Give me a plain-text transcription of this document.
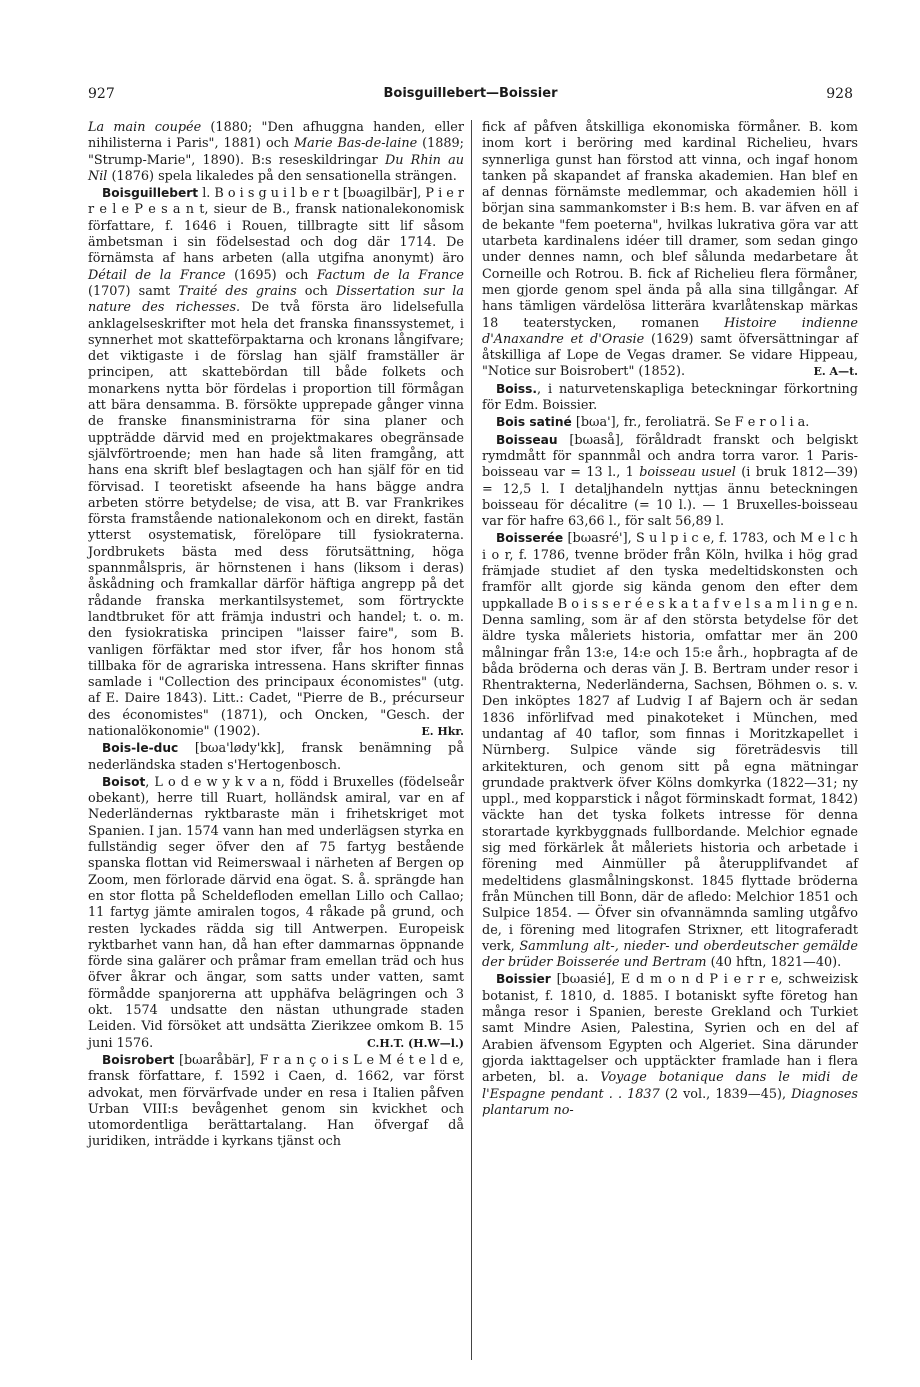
927	Boisguillebert—Boissier	928

La main coupée (1880; "Den afhuggna handen, eller nihilisterna i Paris", 1881) och Marie Bas-de-laine (1889; "Strump-Marie", 1890). B:s reseskildringar Du Rhin au Nil (1876) spela likaledes på den sensationella strängen.

Boisguillebert l. B o i s g u i l b e r t [bωagilbär], P i e r r e l e P e s a n t, sieur de B., fransk nationalekonomisk författare, f. 1646 i Rouen, tillbragte sitt lif såsom ämbetsman i sin födelsestad och dog där 1714. De förnämsta af hans arbeten (alla utgifna anonymt) äro Détail de la France (1695) och Factum de la France (1707) samt Traité des grains och Dissertation sur la nature des richesses. De två första äro lidelsefulla anklagelseskrifter mot hela det franska finanssystemet, i synnerhet mot skatteförpaktarna och kronans långifvare; det viktigaste i de förslag han själf framställer är principen, att skattebördan till både folkets och monarkens nytta bör fördelas i proportion till förmågan att bära densamma. B. försökte upprepade gånger vinna de franske finansministrarna för sina planer och uppträdde därvid med en projektmakares obegränsade självförtroende; men han hade så liten framgång, att hans ena skrift blef beslagtagen och han själf för en tid förvisad. I teoretiskt afseende ha hans bägge andra arbeten större betydelse; de visa, att B. var Frankrikes första framstående nationalekonom och en direkt, fastän ytterst osystematisk, förelöpare till fysiokraterna. Jordbrukets bästa med dess förutsättning, höga spannmålspris, är hörnstenen i hans (liksom i deras) åskådning och framkallar därför häftiga angrepp på det rådande franska merkantilsystemet, som förtryckte landtbruket för att främja industri och handel; t. o. m. den fysiokratiska principen "laisser faire", som B. vanligen förfäktar med stor ifver, får hos honom stå tillbaka för de agrariska intressena. Hans skrifter finnas samlade i "Collection des principaux économistes" (utg. af E. Daire 1843). Litt.: Cadet, "Pierre de B., précurseur des économistes" (1871), och Oncken, "Gesch. der nationalökonomie" (1902).	E. Hkr.

Bois-le-duc [bωa'lødy'kk], fransk benämning på nederländska staden s'Hertogenbosch.

Boisot, L o d e w y k v a n, född i Bruxelles (födelseår obekant), herre till Ruart, holländsk amiral, var en af Nederländernas ryktbaraste män i frihetskriget mot Spanien. I jan. 1574 vann han med underlägsen styrka en fullständig seger öfver den af 75 fartyg bestående spanska flottan vid Reimerswaal i närheten af Bergen op Zoom, men förlorade därvid ena ögat. S. å. sprängde han en stor flotta på Scheldefloden emellan Lillo och Callao; 11 fartyg jämte amiralen togos, 4 råkade på grund, och resten lyckades rädda sig till Antwerpen. Europeisk ryktbarhet vann han, då han efter dammarnas öppnande förde sina galärer och pråmar fram emellan träd och hus öfver åkrar och ängar, som satts under vatten, samt förmådde spanjorerna att upphäfva belägringen och 3 okt. 1574 undsatte den nästan uthungrade staden Leiden. Vid försöket att undsätta Zierikzee omkom B. 15 juni 1576.	C.H.T. (H.W—l.)

Boisrobert [bωaråbär], F r a n ç o i s L e M é t e l d e, fransk författare, f. 1592 i Caen, d. 1662, var först advokat, men förvärfvade under en resa i Italien påfven Urban VIII:s bevågenhet genom sin kvickhet och utomordentliga berättartalang. Han öfvergaf då juridiken, inträdde i kyrkans tjänst och

fick af påfven åtskilliga ekonomiska förmåner. B. kom inom kort i beröring med kardinal Richelieu, hvars synnerliga gunst han förstod att vinna, och ingaf honom tanken på skapandet af franska akademien. Han blef en af dennas förnämste medlemmar, och akademien höll i början sina sammankomster i B:s hem. B. var äfven en af de bekante "fem poeterna", hvilkas lukrativa göra var att utarbeta kardinalens idéer till dramer, som sedan gingo under dennes namn, och blef sålunda medarbetare åt Corneille och Rotrou. B. fick af Richelieu flera förmåner, men gjorde genom spel ända på alla sina tillgångar. Af hans tämligen värdelösa litterära kvarlåtenskap märkas 18 teaterstycken, romanen Histoire indienne d'Anaxandre et d'Orasie (1629) samt öfversättningar af åtskilliga af Lope de Vegas dramer. Se vidare Hippeau, "Notice sur Boisrobert" (1852).	E. A—t.

Boiss., i naturvetenskapliga beteckningar förkortning för Edm. Boissier.

Bois satiné [bωa'], fr., feroliaträ. Se F e r o l i a.

Boisseau [bωaså], föråldradt franskt och belgiskt rymdmått för spannmål och andra torra varor. 1 Paris-boisseau var = 13 l., 1 boisseau usuel (i bruk 1812—39) = 12,5 l. I detaljhandeln nyttjas ännu beteckningen boisseau för décalitre (= 10 l.). — 1 Bruxelles-boisseau var för hafre 63,66 l., för salt 56,89 l.

Boisserée [bωasré'], S u l p i c e, f. 1783, och M e l c h i o r, f. 1786, tvenne bröder från Köln, hvilka i hög grad främjade studiet af den tyska medeltidskonsten och framför allt gjorde sig kända genom den efter dem uppkallade B o i s s e r é e s k a t a f v e l s a m l i n g e n. Denna samling, som är af den största betydelse för det äldre tyska måleriets historia, omfattar mer än 200 målningar från 13:e, 14:e och 15:e årh., hopbragta af de båda bröderna och deras vän J. B. Bertram under resor i Rhentrakterna, Nederländerna, Sachsen, Böhmen o. s. v. Den inköptes 1827 af Ludvig I af Bajern och är sedan 1836 införlifvad med pinakoteket i München, med undantag af 40 taflor, som finnas i Moritzkapellet i Nürnberg. Sulpice vände sig företrädesvis till arkitekturen, och genom sitt på egna mätningar grundade praktverk öfver Kölns domkyrka (1822—31; ny uppl., med kopparstick i något förminskadt format, 1842) väckte han det tyska folkets intresse för denna storartade kyrkbyggnads fullbordande. Melchior egnade sig med förkärlek åt måleriets historia och arbetade i förening med Ainmüller på återupplifvandet af medeltidens glasmålningskonst. 1845 flyttade bröderna från München till Bonn, där de afledo: Melchior 1851 och Sulpice 1854. — Öfver sin ofvannämnda samling utgåfvo de, i förening med litografen Strixner, ett litograferadt verk, Sammlung alt-, nieder- und oberdeutscher gemälde der brüder Boisserée und Bertram (40 hftn, 1821—40).

Boissier [bωasié], E d m o n d P i e r r e, schweizisk botanist, f. 1810, d. 1885. I botaniskt syfte företog han många resor i Spanien, bereste Grekland och Turkiet samt Mindre Asien, Palestina, Syrien och en del af Arabien äfvensom Egypten och Algeriet. Sina därunder gjorda iakttagelser och upptäckter framlade han i flera arbeten, bl. a. Voyage botanique dans le midi de l'Espagne pendant . . 1837 (2 vol., 1839—45), Diagnoses plantarum no-
